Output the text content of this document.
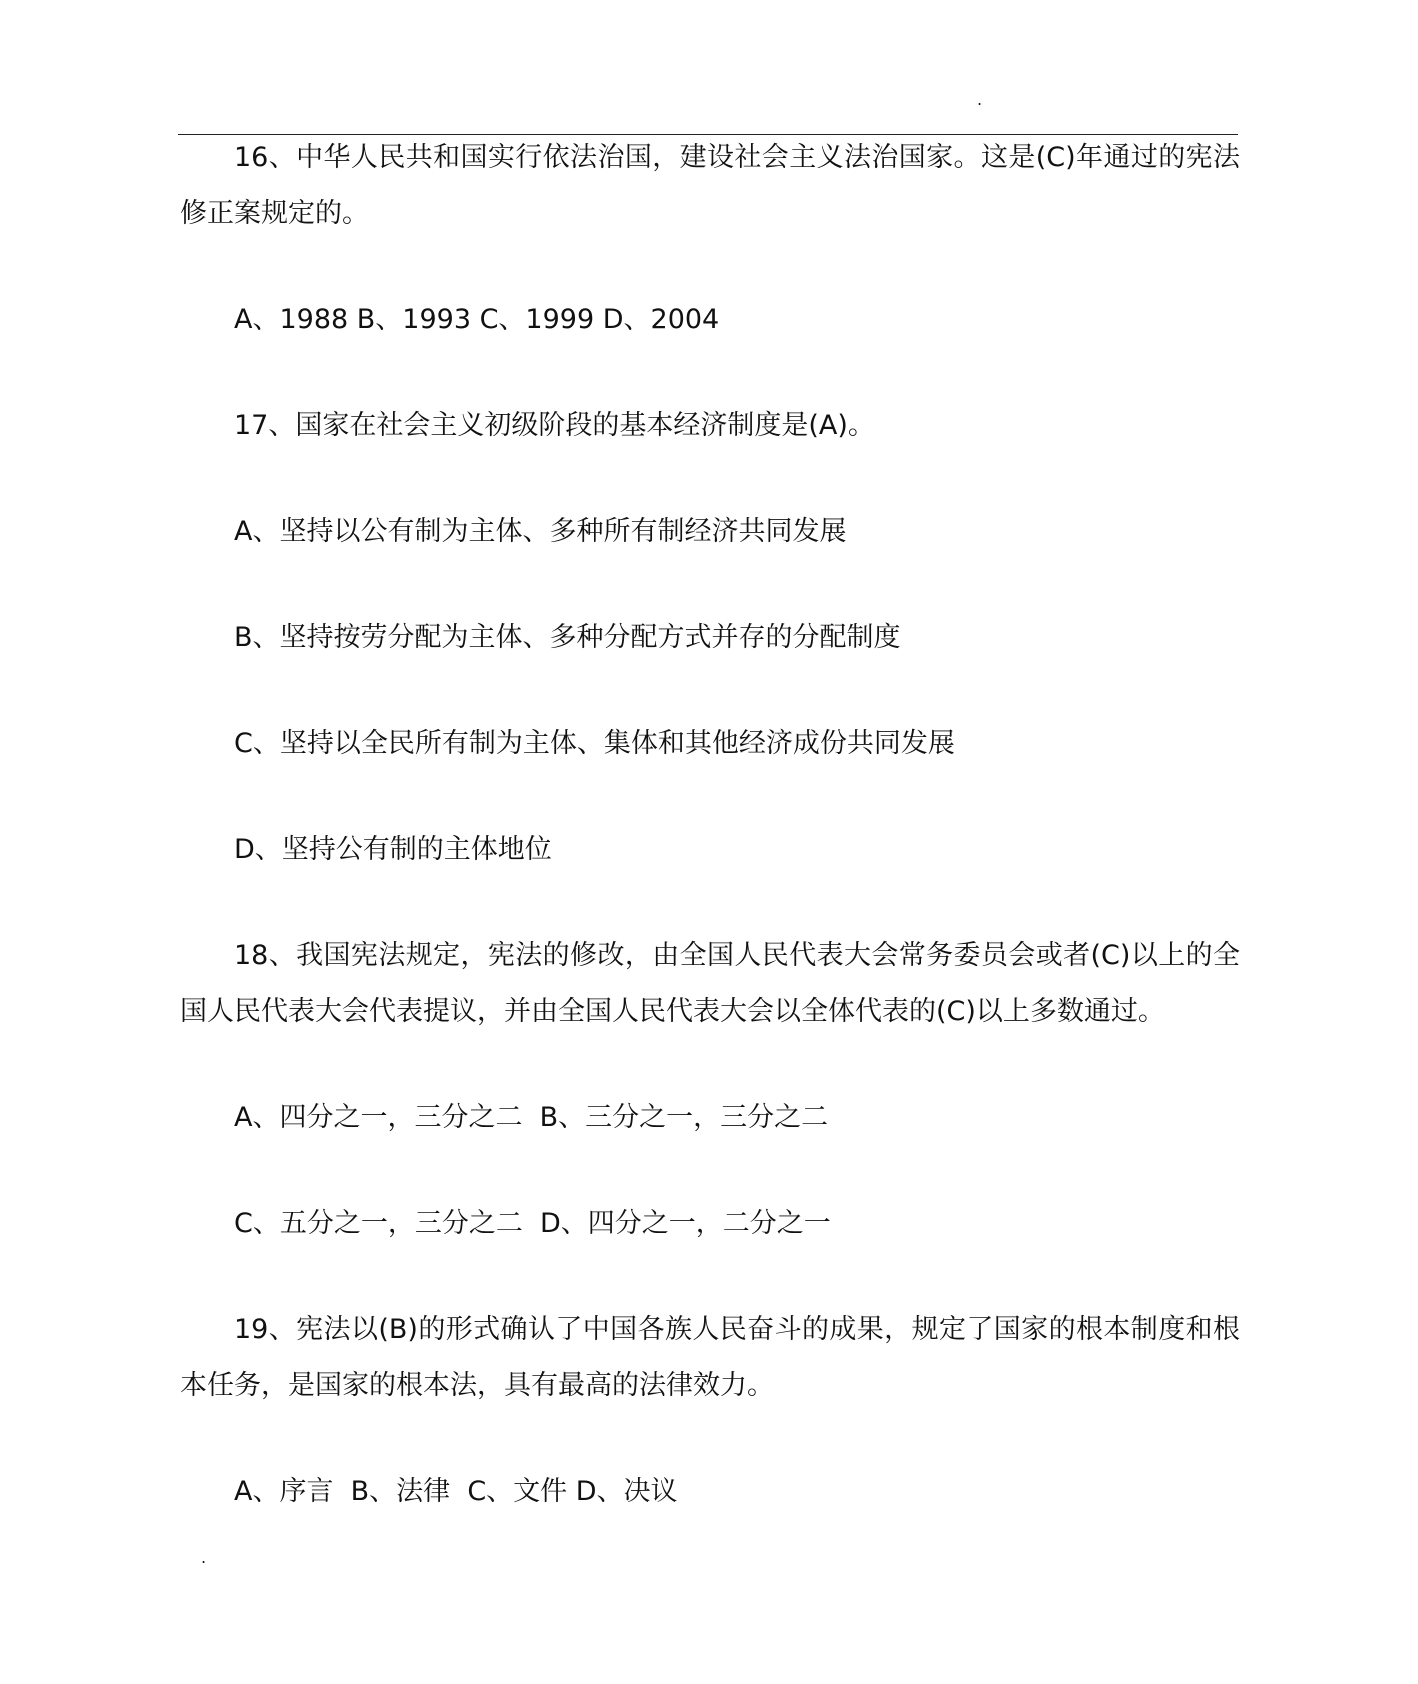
.

16、中华人民共和国实行依法治国，建设社会主义法治国家。这是(C)年通过的宪法修正案规定的。

A、1988 B、1993 C、1999 D、2004

17、国家在社会主义初级阶段的基本经济制度是(A)。

A、坚持以公有制为主体、多种所有制经济共同发展

B、坚持按劳分配为主体、多种分配方式并存的分配制度

C、坚持以全民所有制为主体、集体和其他经济成份共同发展

D、坚持公有制的主体地位

18、我国宪法规定，宪法的修改，由全国人民代表大会常务委员会或者(C)以上的全国人民代表大会代表提议，并由全国人民代表大会以全体代表的(C)以上多数通过。

A、四分之一，三分之二  B、三分之一，三分之二

C、五分之一，三分之二  D、四分之一，二分之一

19、宪法以(B)的形式确认了中国各族人民奋斗的成果，规定了国家的根本制度和根本任务，是国家的根本法，具有最高的法律效力。

A、序言  B、法律  C、文件 D、决议

.
